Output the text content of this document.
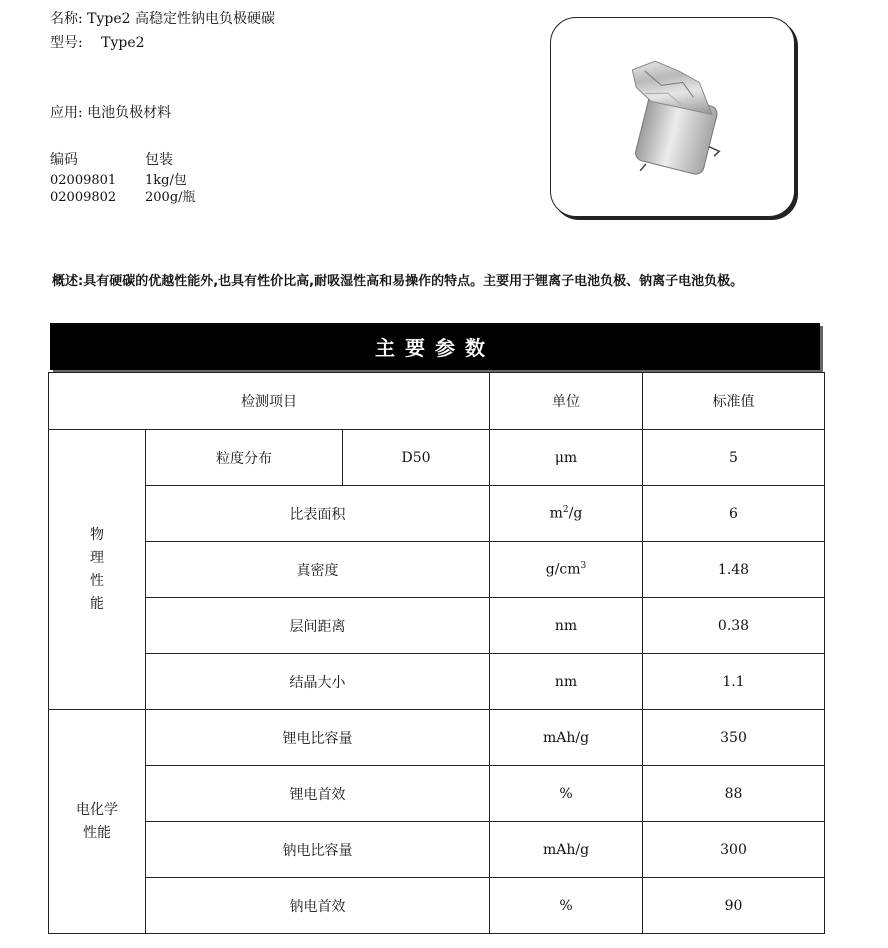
名称: Type2 高稳定性钠电负极硬碳
型号: Type2
应用: 电池负极材料
编码	包装
02009801 1kg/包
02009802 200g/瓶
概述:具有硬碳的优越性能外,也具有性价比高,耐吸湿性高和易操作的特点。主要用于锂离子电池负极、钠离子电池负极。
主要参数
检测项目			单位	标准值

物
理
性
能	粒度分布	D50	μm	5
	比表面积		$m^2/g$	6
	真密度		$g/cm^3$	1.48
	层间距离		nm	0.38
	结晶大小		nm	1.1

电化学
性能	锂电比容量		mAh/g	350
	锂电首效		%	88
	钠电比容量		mAh/g	300
	钠电首效		%	90
